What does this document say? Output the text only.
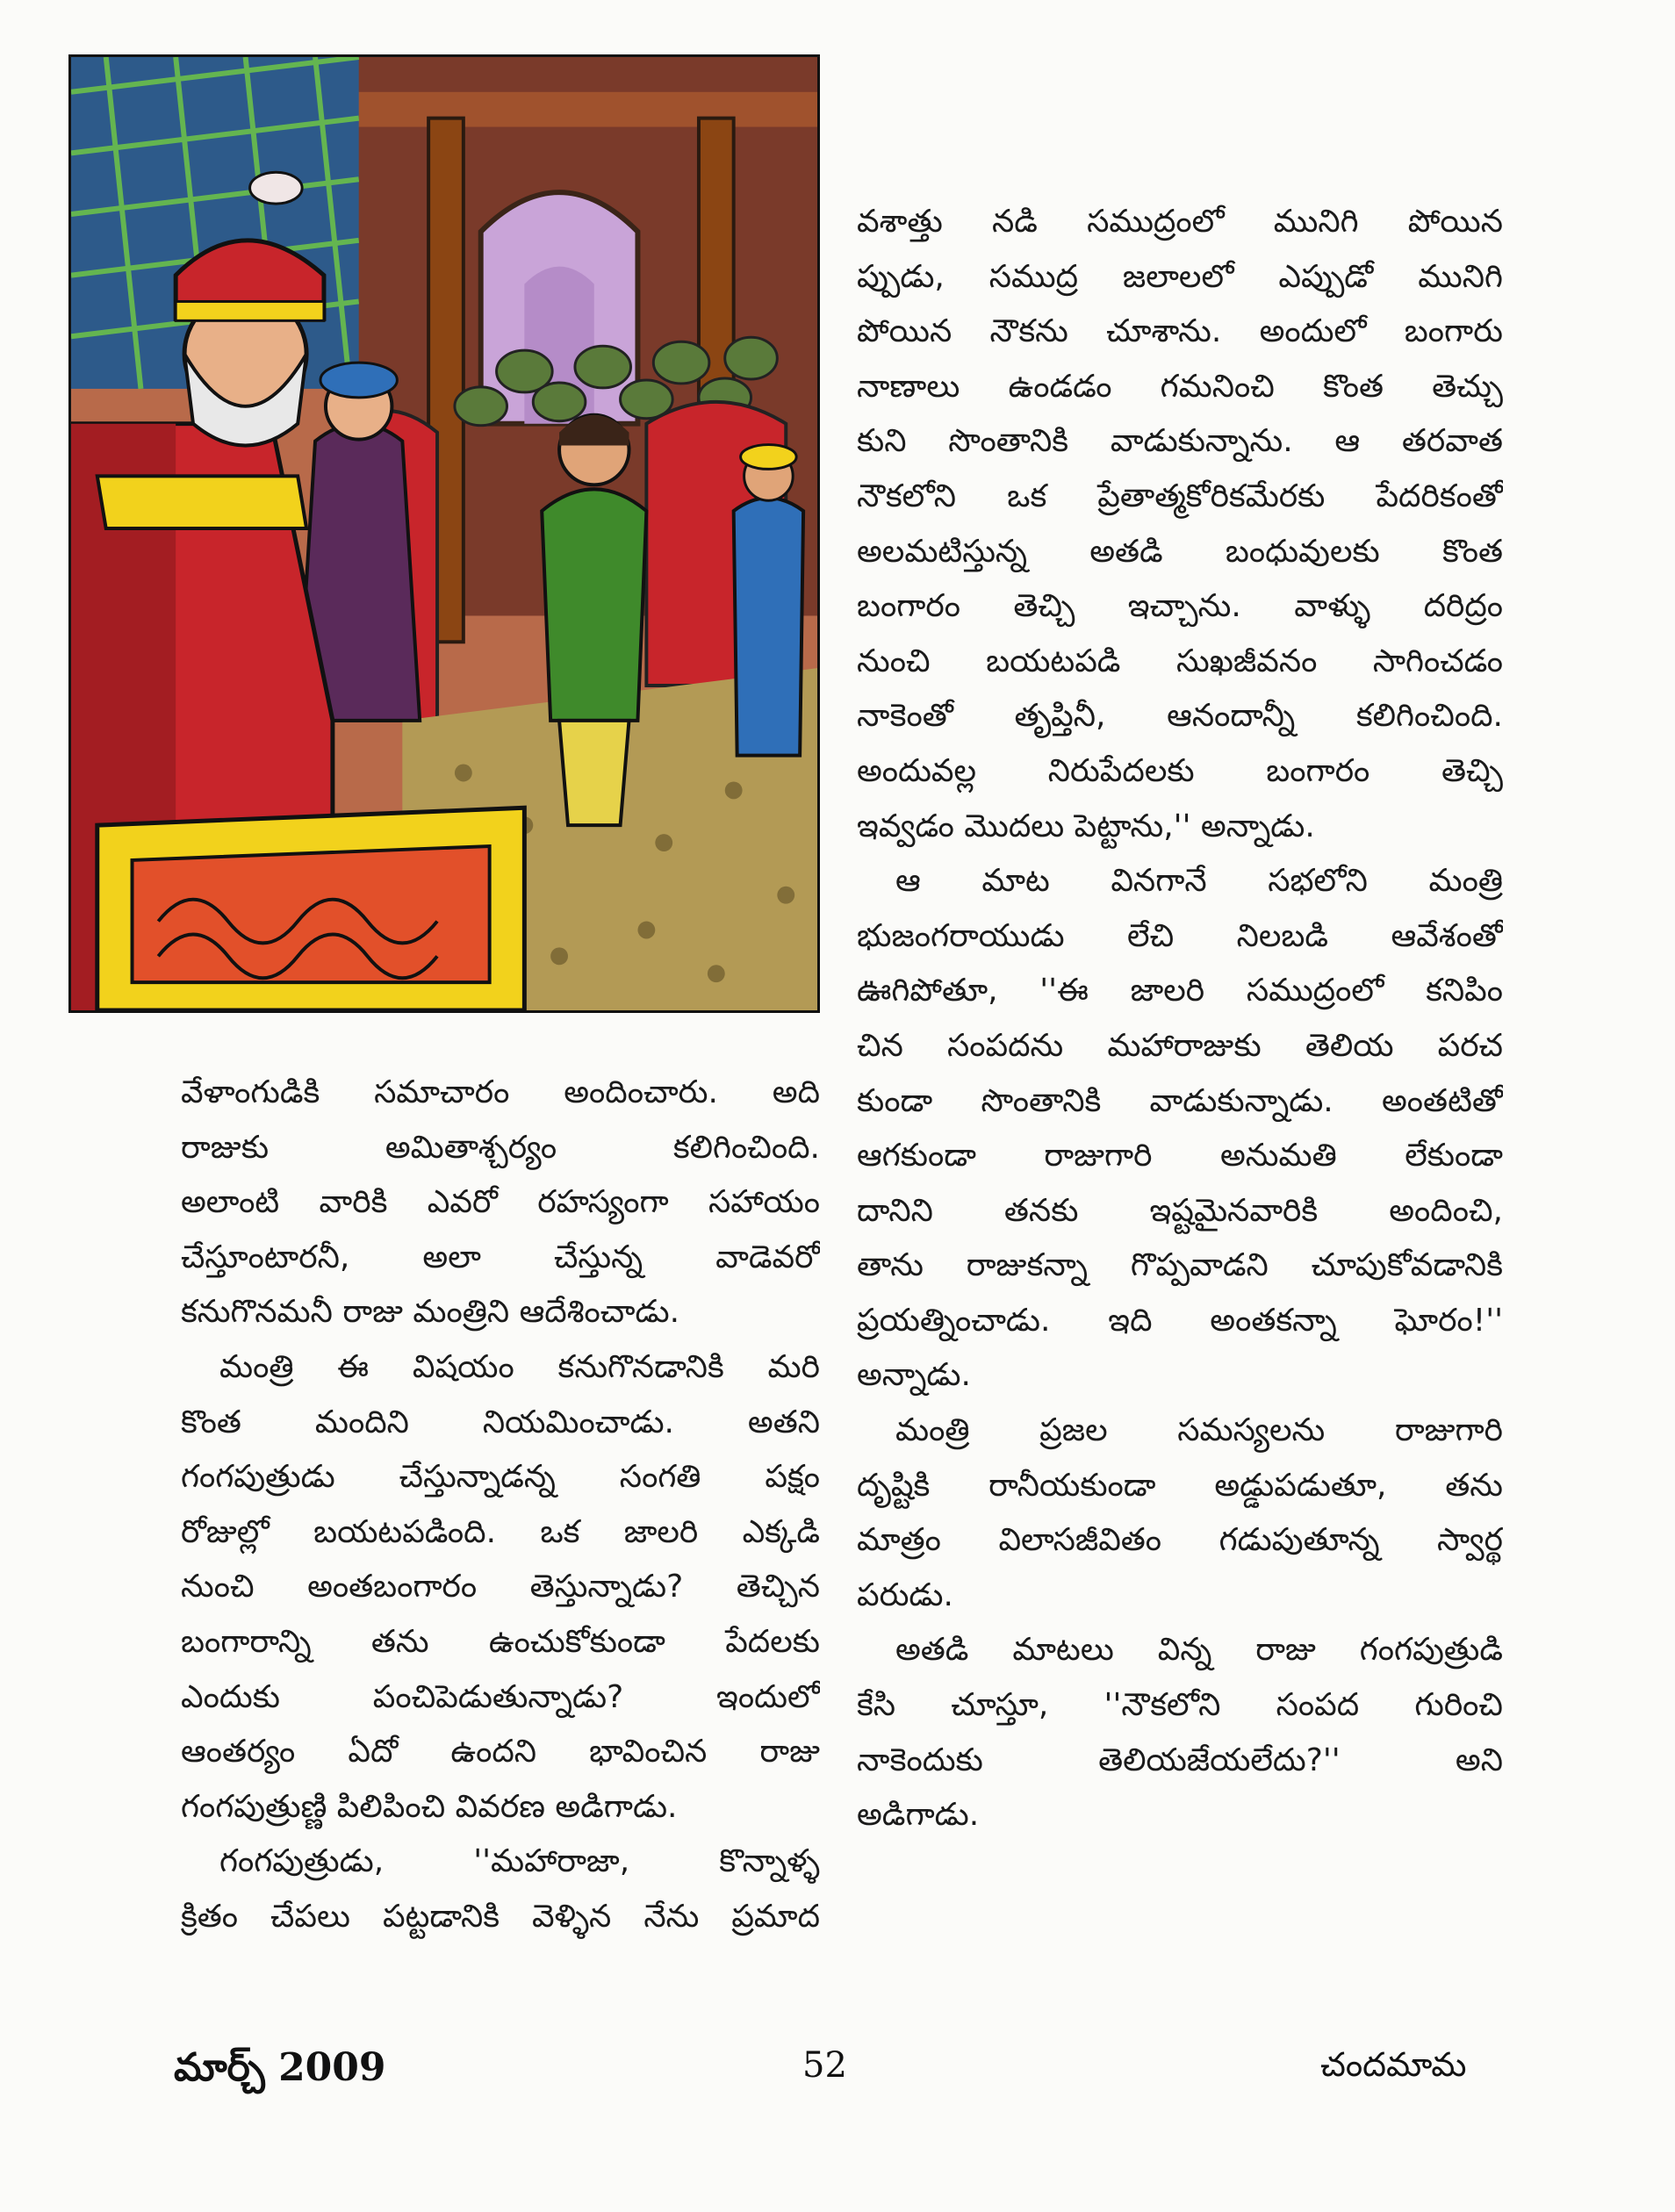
వశాత్తు నడి సముద్రంలో మునిగి పోయిన
ప్పుడు, సముద్ర జలాలలో ఎప్పుడో మునిగి
పోయిన నౌకను చూశాను. అందులో బంగారు
నాణాలు ఉండడం గమనించి కొంత తెచ్చు
కుని సొంతానికి వాడుకున్నాను. ఆ తరవాత
నౌకలోని ఒక ప్రేతాత్మకోరికమేరకు పేదరికంతో
అలమటిస్తున్న అతడి బంధువులకు కొంత
బంగారం తెచ్చి ఇచ్చాను. వాళ్ళు దరిద్రం
నుంచి బయటపడి సుఖజీవనం సాగించడం
నాకెంతో తృప్తినీ, ఆనందాన్నీ కలిగించింది.
అందువల్ల నిరుపేదలకు బంగారం తెచ్చి
ఇవ్వడం మొదలు పెట్టాను,'' అన్నాడు.
ఆ మాట వినగానే సభలోని మంత్రి
భుజంగరాయుడు లేచి నిలబడి ఆవేశంతో
ఊగిపోతూ, ''ఈ జాలరి సముద్రంలో కనిపిం
చిన సంపదను మహారాజుకు తెలియ పరచ
కుండా సొంతానికి వాడుకున్నాడు. అంతటితో
ఆగకుండా రాజుగారి అనుమతి లేకుండా
దానిని తనకు ఇష్టమైనవారికి అందించి,
తాను రాజుకన్నా గొప్పవాడని చూపుకోవడానికి
ప్రయత్నించాడు. ఇది అంతకన్నా ఘోరం!''
అన్నాడు.
మంత్రి ప్రజల సమస్యలను రాజుగారి
దృష్టికి రానీయకుండా అడ్డుపడుతూ, తను
మాత్రం విలాసజీవితం గడుపుతూన్న స్వార్థ
పరుడు.
అతడి మాటలు విన్న రాజు గంగపుత్రుడి
కేసి చూస్తూ, ''నౌకలోని సంపద గురించి
నాకెందుకు తెలియజేయలేదు?'' అని
అడిగాడు.

వేళాంగుడికి సమాచారం అందించారు. అది
రాజుకు అమితాశ్చర్యం కలిగించింది.
అలాంటి వారికి ఎవరో రహస్యంగా సహాయం
చేస్తూంటారనీ, అలా చేస్తున్న వాడెవరో
కనుగొనమనీ రాజు మంత్రిని ఆదేశించాడు.
మంత్రి ఈ విషయం కనుగొనడానికి మరి
కొంత మందిని నియమించాడు. అతని
గంగపుత్రుడు చేస్తున్నాడన్న సంగతి పక్షం
రోజుల్లో బయటపడింది. ఒక జాలరి ఎక్కడి
నుంచి అంతబంగారం తెస్తున్నాడు? తెచ్చిన
బంగారాన్ని తను ఉంచుకోకుండా పేదలకు
ఎందుకు పంచిపెడుతున్నాడు? ఇందులో
ఆంతర్యం ఏదో ఉందని భావించిన రాజు
గంగపుత్రుణ్ణి పిలిపించి వివరణ అడిగాడు.
గంగపుత్రుడు, ''మహారాజా, కొన్నాళ్ళ
క్రితం చేపలు పట్టడానికి వెళ్ళిన నేను ప్రమాద

మార్చ్ 2009	52	చందమామ
